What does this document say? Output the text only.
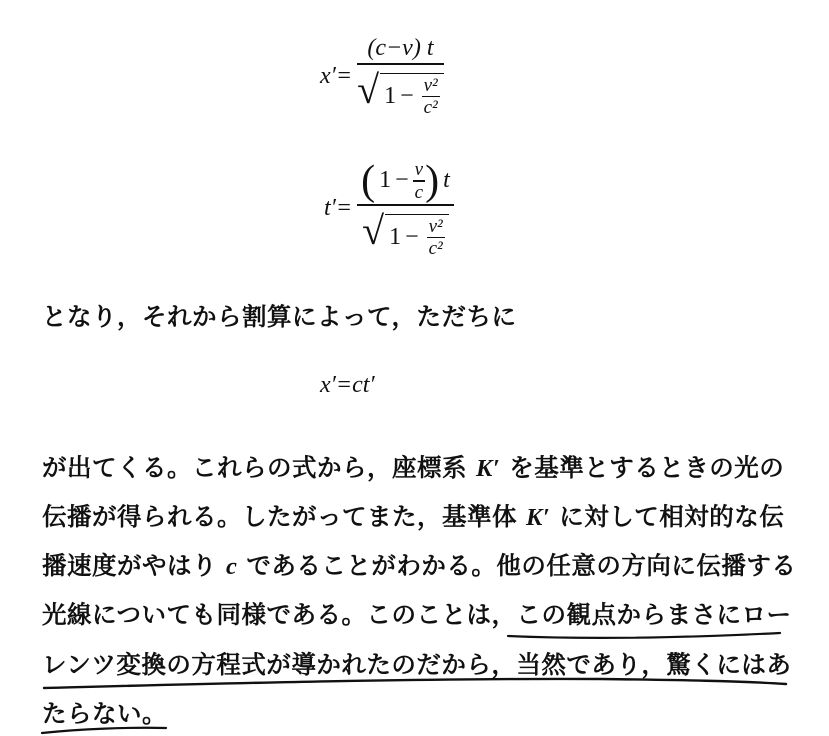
x′=
(c−v) t
√ 1 − v²
c²
t′=
( 1 − v
c ) t
√ 1 − v²
c²
となり，それから割算によって，ただちに
x′=ct′
が出てくる。これらの式から，座標系 K′ を基準とするときの光の
伝播が得られる。したがってまた，基準体 K′ に対して相対的な伝
播速度がやはり c であることがわかる。他の任意の方向に伝播する
光線についても同様である。このことは，この観点からまさにロー
レンツ変換の方程式が導かれたのだから，当然であり，驚くにはあ
たらない。
